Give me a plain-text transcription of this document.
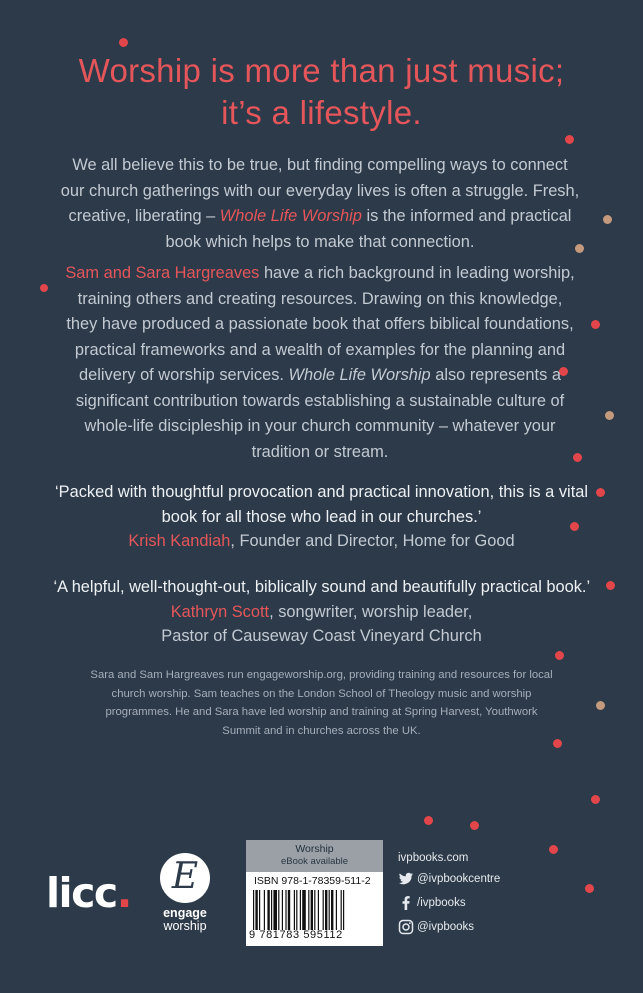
Worship is more than just music;
it’s a lifestyle.

We all believe this to be true, but finding compelling ways to connect our church gatherings with our everyday lives is often a struggle. Fresh, creative, liberating – Whole Life Worship is the informed and practical book which helps to make that connection.

Sam and Sara Hargreaves have a rich background in leading worship, training others and creating resources. Drawing on this knowledge, they have produced a passionate book that offers biblical foundations, practical frameworks and a wealth of examples for the planning and delivery of worship services. Whole Life Worship also represents a significant contribution towards establishing a sustainable culture of whole-life discipleship in your church community – whatever your tradition or stream.

‘Packed with thoughtful provocation and practical innovation, this is a vital book for all those who lead in our churches.’
Krish Kandiah, Founder and Director, Home for Good
‘A helpful, well-thought-out, biblically sound and beautifully practical book.’ Kathryn Scott, songwriter, worship leader,
Pastor of Causeway Coast Vineyard Church

Sara and Sam Hargreaves run engageworship.org, providing training and resources for local church worship. Sam teaches on the London School of Theology music and worship programmes. He and Sara have led worship and training at Spring Harvest, Youthwork Summit and in churches across the UK.

licc.	E
engage
worship
Worship
eBook available
ISBN 978-1-78359-511-2
9 781783 595112
ivpbooks.com
@ivpbookcentre
/ivpbooks
@ivpbooks
